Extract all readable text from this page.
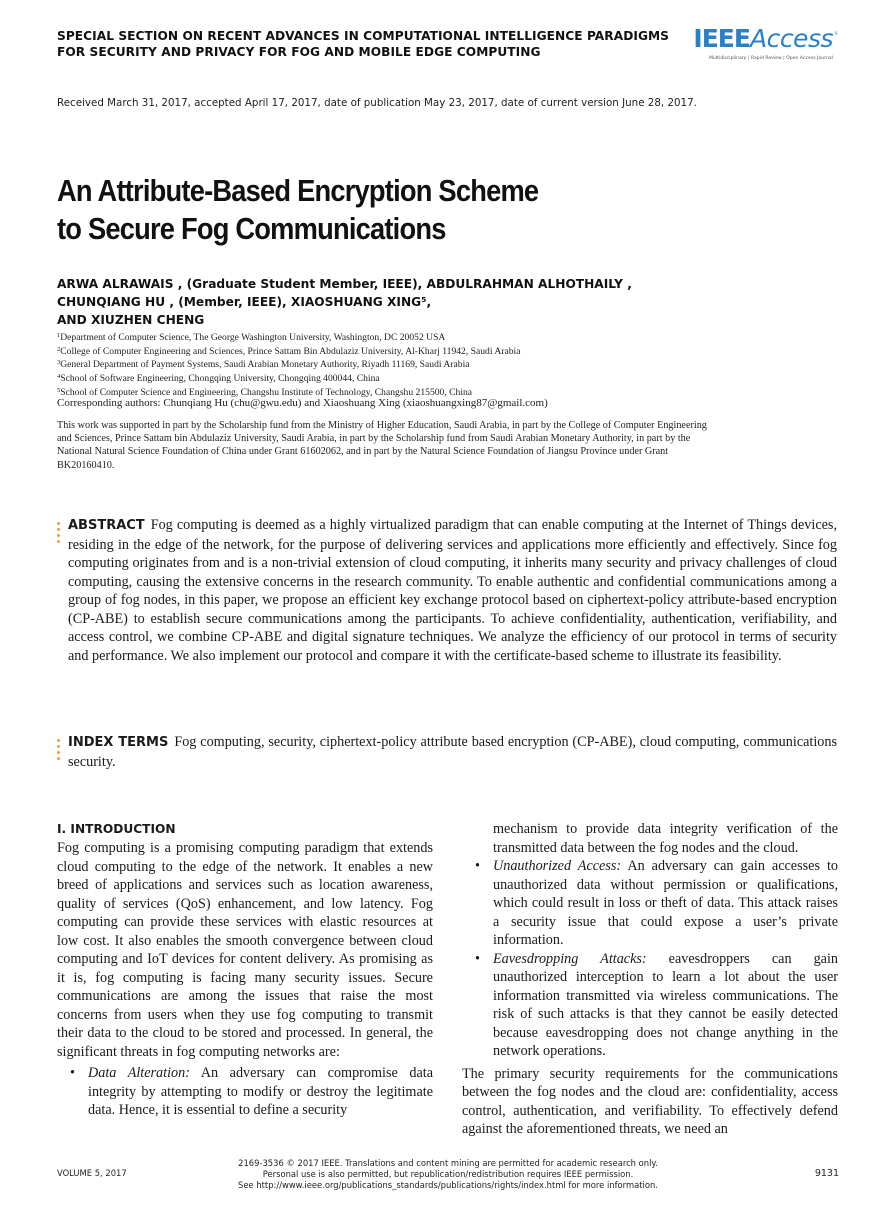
SPECIAL SECTION ON RECENT ADVANCES IN COMPUTATIONAL INTELLIGENCE PARADIGMS
FOR SECURITY AND PRIVACY FOR FOG AND MOBILE EDGE COMPUTING	IEEEAccess ®
Multidisciplinary | Rapid Review | Open Access Journal
Received March 31, 2017, accepted April 17, 2017, date of publication May 23, 2017, date of current version June 28, 2017.
An Attribute-Based Encryption Scheme
to Secure Fog Communications
ARWA ALRAWAIS , (Graduate Student Member, IEEE), ABDULRAHMAN ALHOTHAILY ,
CHUNQIANG HU , (Member, IEEE), XIAOSHUANG XING⁵,
AND XIUZHEN CHENG
$^1$Department of Computer Science, The George Washington University, Washington, DC 20052 USA
$^2$College of Computer Engineering and Sciences, Prince Sattam Bin Abdulaziz University, Al-Kharj 11942, Saudi Arabia
$^3$General Department of Payment Systems, Saudi Arabian Monetary Authority, Riyadh 11169, Saudi Arabia
$^4$School of Software Engineering, Chongqing University, Chongqing 400044, China
$^5$School of Computer Science and Engineering, Changshu Institute of Technology, Changshu 215500, China
Corresponding authors: Chunqiang Hu (chu@gwu.edu) and Xiaoshuang Xing (xiaoshuangxing87@gmail.com)
This work was supported in part by the Scholarship fund from the Ministry of Higher Education, Saudi Arabia, in part by the College of Computer Engineering and Sciences, Prince Sattam bin Abdulaziz University, Saudi Arabia, in part by the Scholarship fund from Saudi Arabian Monetary Authority, in part by the National Natural Science Foundation of China under Grant 61602062, and in part by the Natural Science Foundation of Jiangsu Province under Grant BK20160410.

ABSTRACT Fog computing is deemed as a highly virtualized paradigm that can enable computing at the Internet of Things devices, residing in the edge of the network, for the purpose of delivering services and applications more efficiently and effectively. Since fog computing originates from and is a non-trivial extension of cloud computing, it inherits many security and privacy challenges of cloud computing, causing the extensive concerns in the research community. To enable authentic and confidential communications among a group of fog nodes, in this paper, we propose an efficient key exchange protocol based on ciphertext-policy attribute-based encryption (CP-ABE) to establish secure communications among the participants. To achieve confidentiality, authentication, verifiability, and access control, we combine CP-ABE and digital signature techniques. We analyze the efficiency of our protocol in terms of security and performance. We also implement our protocol and compare it with the certificate-based scheme to illustrate its feasibility.

INDEX TERMS Fog computing, security, ciphertext-policy attribute based encryption (CP-ABE), cloud computing, communications security.

I. INTRODUCTION

Fog computing is a promising computing paradigm that extends cloud computing to the edge of the network. It enables a new breed of applications and services such as location awareness, quality of services (QoS) enhancement, and low latency. Fog computing can provide these services with elastic resources at low cost. It also enables the smooth convergence between cloud computing and IoT devices for content delivery. As promising as it is, fog computing is facing many security issues. Secure communications are among the issues that raise the most concerns from users when they use fog computing to transmit their data to the cloud to be stored and processed. In general, the significant threats in fog computing networks are:

• Data Alteration: An adversary can compromise data integrity by attempting to modify or destroy the legitimate data. Hence, it is essential to define a security
mechanism to provide data integrity verification of the transmitted data between the fog nodes and the cloud.
• Unauthorized Access: An adversary can gain accesses to unauthorized data without permission or qualifications, which could result in loss or theft of data. This attack raises a security issue that could expose a user’s private information.
• Eavesdropping Attacks: eavesdroppers can gain unauthorized interception to learn a lot about the user information transmitted via wireless communications. The risk of such attacks is that they cannot be easily detected because eavesdropping does not change anything in the network operations.

The primary security requirements for the communications between the fog nodes and the cloud are: confidentiality, access control, authentication, and verifiability. To effectively defend against the aforementioned threats, we need an

VOLUME 5, 2017
2169-3536 © 2017 IEEE. Translations and content mining are permitted for academic research only.
Personal use is also permitted, but republication/redistribution requires IEEE permission.
See http://www.ieee.org/publications_standards/publications/rights/index.html for more information.
9131
